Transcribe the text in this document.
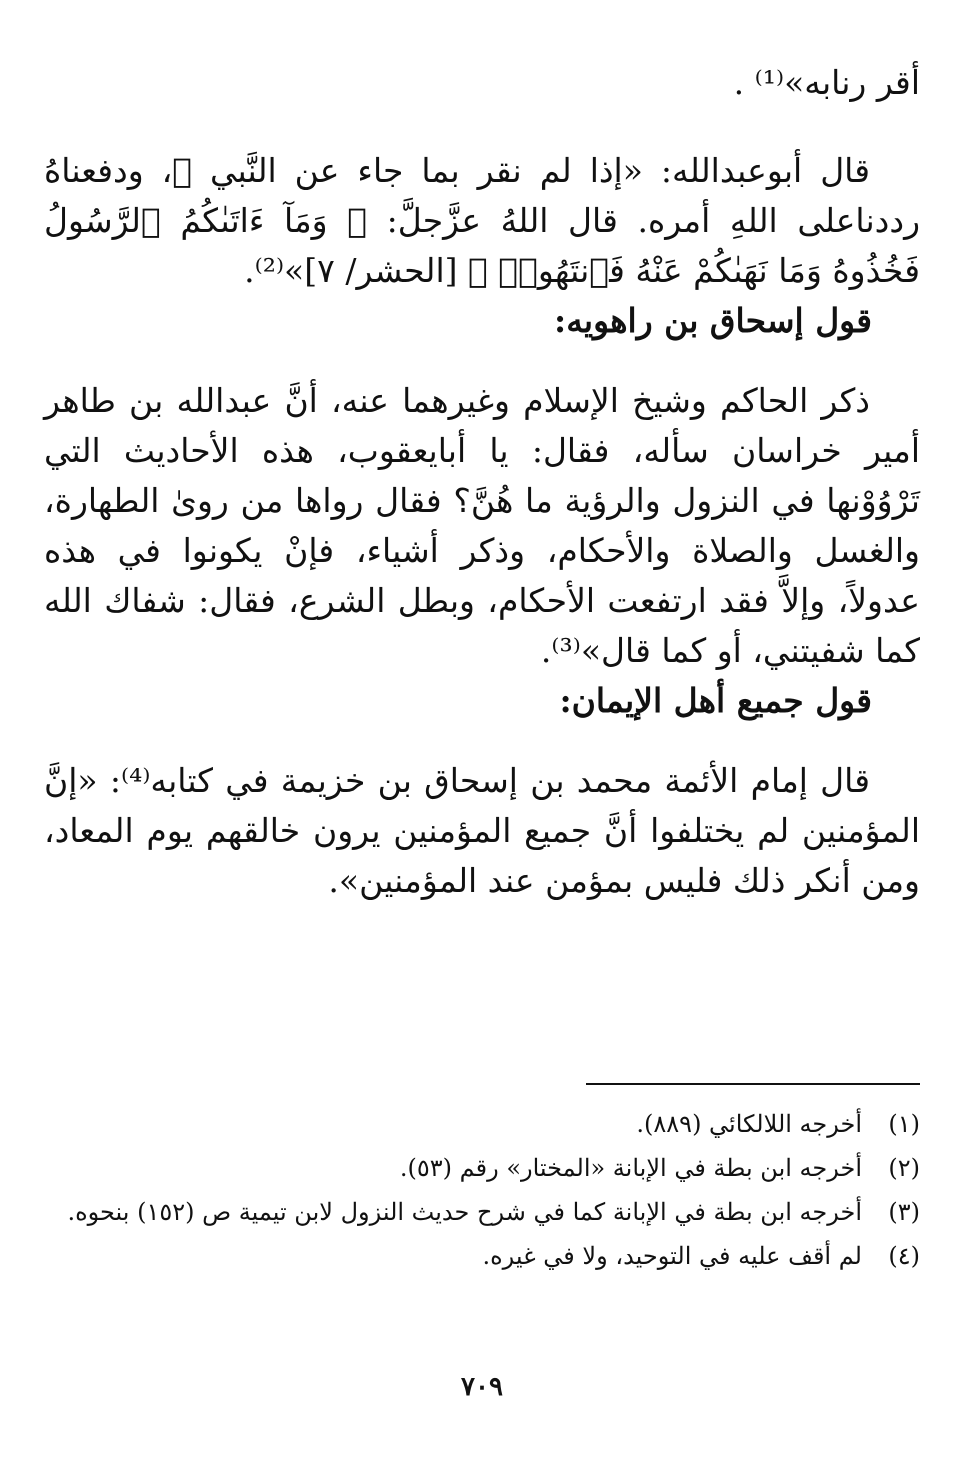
أقر رنابه»⁽¹⁾ .

قال أبوعبدالله: «إذا لم نقر بما جاء عن النَّبي ﷺ، ودفعناهُ رددناعلى اللهِ أمره. قال اللهُ عزَّجلَّ: ﴿ وَمَآ ءَاتَىٰكُمُ ٱلرَّسُولُ فَخُذُوهُ وَمَا نَهَىٰكُمْ عَنْهُ فَٱنتَهُوا۟ ﴾ [الحشر/ ٧]»⁽²⁾.

قول إسحاق بن راهويه:

ذكر الحاكم وشيخ الإسلام وغيرهما عنه، أنَّ عبدالله بن طاهر أمير خراسان سأله، فقال: يا أبايعقوب، هذه الأحاديث التي تَرْوُوْنها في النزول والرؤية ما هُنَّ؟ فقال رواها من روىٰ الطهارة، والغسل والصلاة والأحكام، وذكر أشياء، فإنْ يكونوا في هذه عدولاً، وإلاَّ فقد ارتفعت الأحكام، وبطل الشرع، فقال: شفاك الله كما شفيتني، أو كما قال»⁽³⁾.

قول جميع أهل الإيمان:

قال إمام الأئمة محمد بن إسحاق بن خزيمة في كتابه⁽⁴⁾: «إنَّ المؤمنين لم يختلفوا أنَّ جميع المؤمنين يرون خالقهم يوم المعاد، ومن أنكر ذلك فليس بمؤمن عند المؤمنين».

(١)
أخرجه اللالكائي (٨٨٩).
(٢)
أخرجه ابن بطة في الإبانة «المختار» رقم (٥٣).
(٣)
أخرجه ابن بطة في الإبانة كما في شرح حديث النزول لابن تيمية ص (١٥٢) بنحوه.
(٤)
لم أقف عليه في التوحيد، ولا في غيره.
٧٠٩
